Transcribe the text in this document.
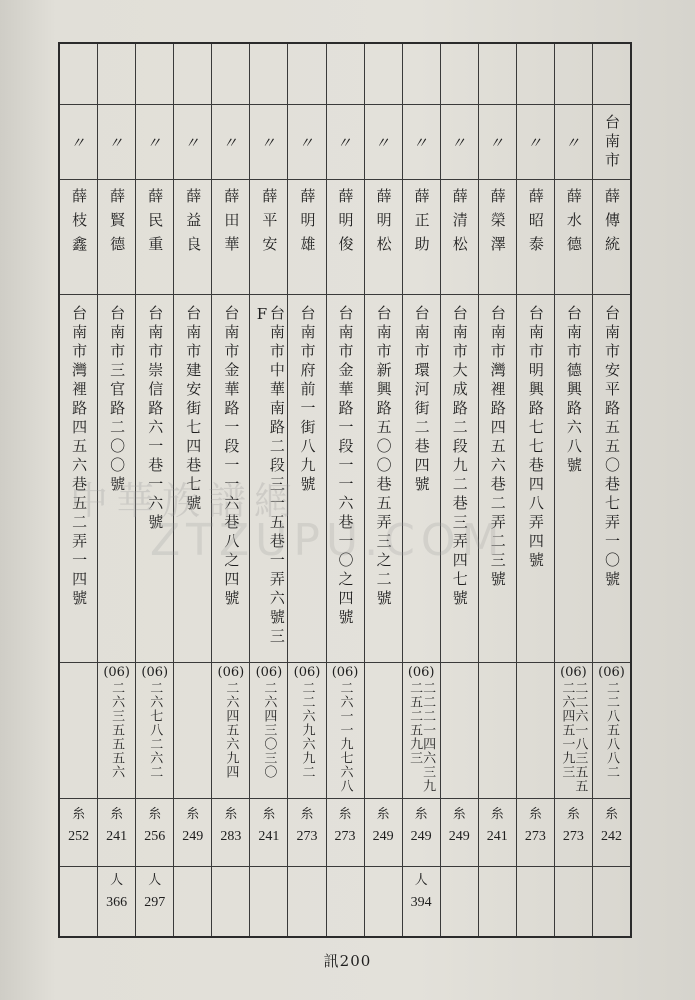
台南市
薛傳統
台南市安平路五五〇巷七弄一〇號
(06)
二二八五八八二
糸
242
〃
薛水德
台南市德興路六八號
(06)
二二六一八三五五
二六四五一九三
糸
273
〃
薛昭泰
台南市明興路七七巷四八弄四號
糸
273
〃
薛榮澤
台南市灣裡路四五六巷二弄二三號
糸
241
〃
薛清松
台南市大成路二段九二巷三弄四七號
糸
249
〃
薛正助
台南市環河街二巷四號
(06)
二二二一四六三九
二五二五九三
糸
249
人
394
〃
薛明松
台南市新興路五〇〇巷五弄三之二號
糸
249
〃
薛明俊
台南市金華路一段一一六巷一〇之四號
(06)
二六一一九七六八
糸
273
〃
薛明雄
台南市府前一街八九號
(06)
二二六九六九二
糸
273
〃
薛平安
台南市中華南路二段三一五巷一弄六號三F
(06)
二六四三〇三〇
糸
241
〃
薛田華
台南市金華路一段一一六巷八之四號
(06)
二六四五六九四
糸
283
〃
薛益良
台南市建安街七四巷七號
糸
249
〃
薛民重
台南市崇信路六一巷一六號
(06)
二六七八二六二
糸
256
人
297
〃
薛賢德
台南市三官路二〇〇號
(06)
二六三五五五六
糸
241
人
366
〃
薛枝鑫
台南市灣裡路四五六巷五二弄一四號
糸
252
中華族譜網
ZTZUPU.COM
訊200
